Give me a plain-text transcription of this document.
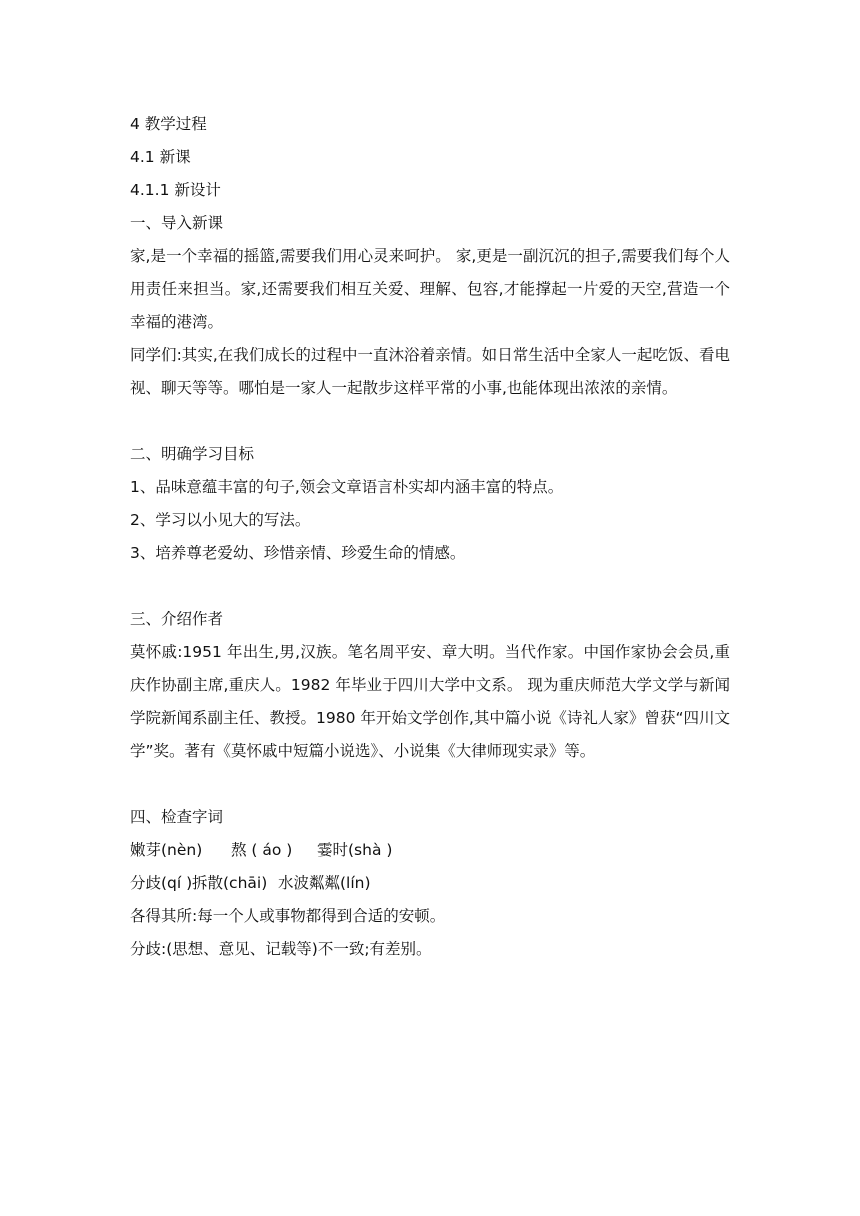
4 教学过程

4.1 新课

4.1.1 新设计

一、导入新课

家,是一个幸福的摇篮,需要我们用心灵来呵护。 家,更是一副沉沉的担子,需要我们每个人用责任来担当。家,还需要我们相互关爱、理解、包容,才能撑起一片爱的天空,营造一个幸福的港湾。

同学们:其实,在我们成长的过程中一直沐浴着亲情。如日常生活中全家人一起吃饭、看电视、聊天等等。哪怕是一家人一起散步这样平常的小事,也能体现出浓浓的亲情。

二、明确学习目标

1、品味意蕴丰富的句子,领会文章语言朴实却内涵丰富的特点。

2、学习以小见大的写法。

3、培养尊老爱幼、珍惜亲情、珍爱生命的情感。

三、介绍作者

莫怀戚:1951 年出生,男,汉族。笔名周平安、章大明。当代作家。中国作家协会会员,重庆作协副主席,重庆人。1982 年毕业于四川大学中文系。 现为重庆师范大学文学与新闻学院新闻系副主任、教授。1980 年开始文学创作,其中篇小说《诗礼人家》曾获“四川文学”奖。著有《莫怀戚中短篇小说选》、小说集《大律师现实录》等。

四、检查字词

嫩芽(nèn)	熬 ( áo )	霎时(shà )
分歧(qí ) 拆散(chāi) 水波粼粼(lín)

各得其所:每一个人或事物都得到合适的安顿。

分歧:(思想、意见、记载等)不一致;有差别。
